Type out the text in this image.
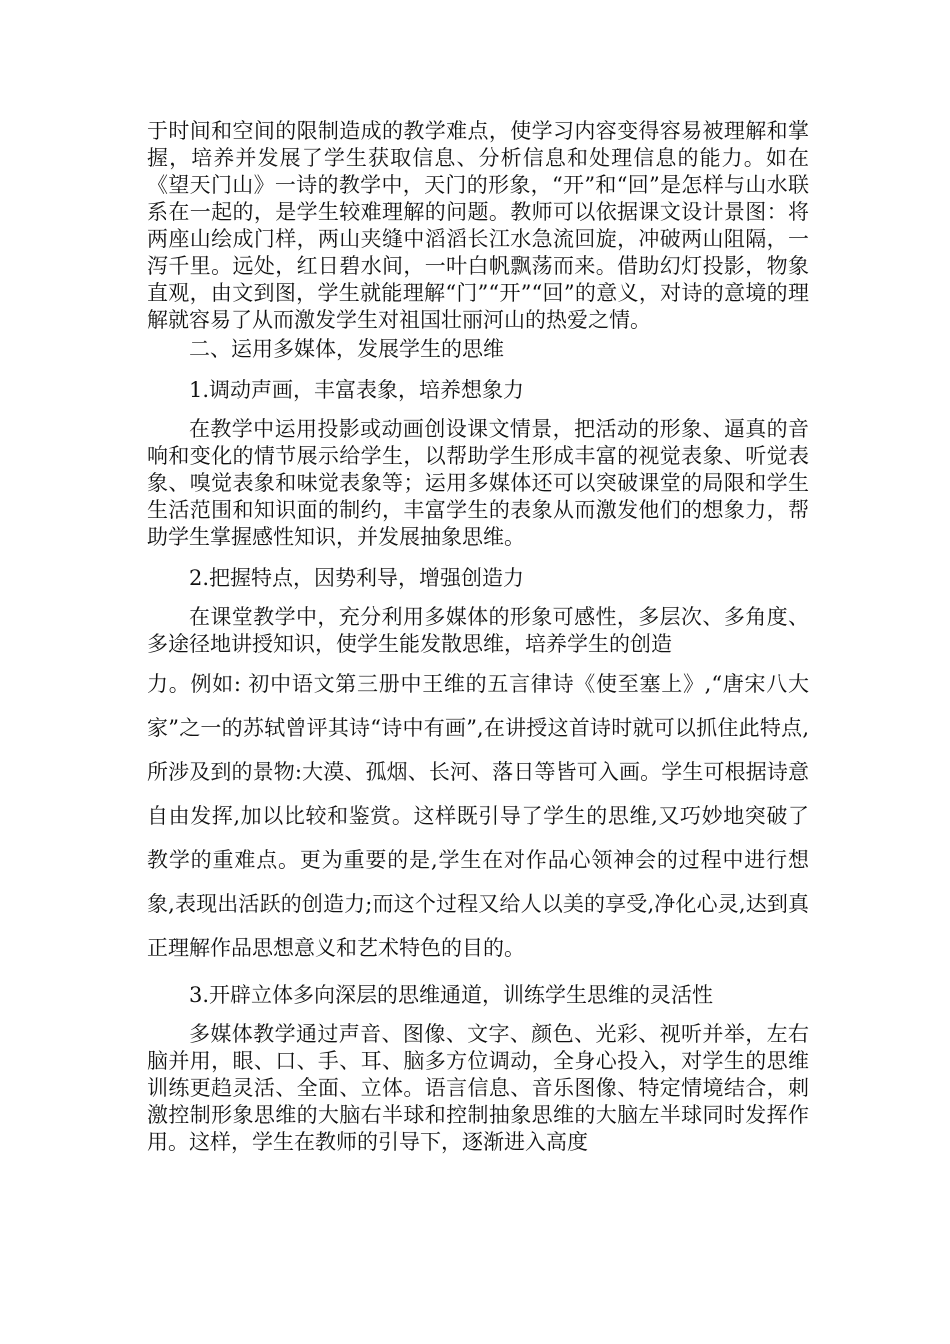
于时间和空间的限制造成的教学难点，使学习内容变得容易被理解和掌握，培养并发展了学生获取信息、分析信息和处理信息的能力。如在《望天门山》一诗的教学中，天门的形象，“开”和“回”是怎样与山水联系在一起的，是学生较难理解的问题。教师可以依据课文设计景图：将两座山绘成门样，两山夹缝中滔滔长江水急流回旋，冲破两山阻隔，一泻千里。远处，红日碧水间，一叶白帆飘荡而来。借助幻灯投影，物象直观，由文到图，学生就能理解“门”“开”“回”的意义，对诗的意境的理解就容易了从而激发学生对祖国壮丽河山的热爱之情。

二、运用多媒体，发展学生的思维

1.调动声画，丰富表象，培养想象力

在教学中运用投影或动画创设课文情景，把活动的形象、逼真的音响和变化的情节展示给学生，以帮助学生形成丰富的视觉表象、听觉表象、嗅觉表象和味觉表象等；运用多媒体还可以突破课堂的局限和学生生活范围和知识面的制约，丰富学生的表象从而激发他们的想象力，帮助学生掌握感性知识，并发展抽象思维。

2.把握特点，因势利导，增强创造力

在课堂教学中，充分利用多媒体的形象可感性，多层次、多角度、多途径地讲授知识，使学生能发散思维，培养学生的创造
力。例如: 初中语文第三册中王维的五言律诗《使至塞上》,“唐宋八大家”之一的苏轼曾评其诗“诗中有画”,在讲授这首诗时就可以抓住此特点,所涉及到的景物:大漠、孤烟、长河、落日等皆可入画。学生可根据诗意自由发挥,加以比较和鉴赏。这样既引导了学生的思维,又巧妙地突破了教学的重难点。更为重要的是,学生在对作品心领神会的过程中进行想象,表现出活跃的创造力;而这个过程又给人以美的享受,净化心灵,达到真正理解作品思想意义和艺术特色的目的。

3.开辟立体多向深层的思维通道，训练学生思维的灵活性

多媒体教学通过声音、图像、文字、颜色、光彩、视听并举，左右脑并用，眼、口、手、耳、脑多方位调动，全身心投入，对学生的思维训练更趋灵活、全面、立体。语言信息、音乐图像、特定情境结合，刺激控制形象思维的大脑右半球和控制抽象思维的大脑左半球同时发挥作用。这样，学生在教师的引导下，逐渐进入高度
